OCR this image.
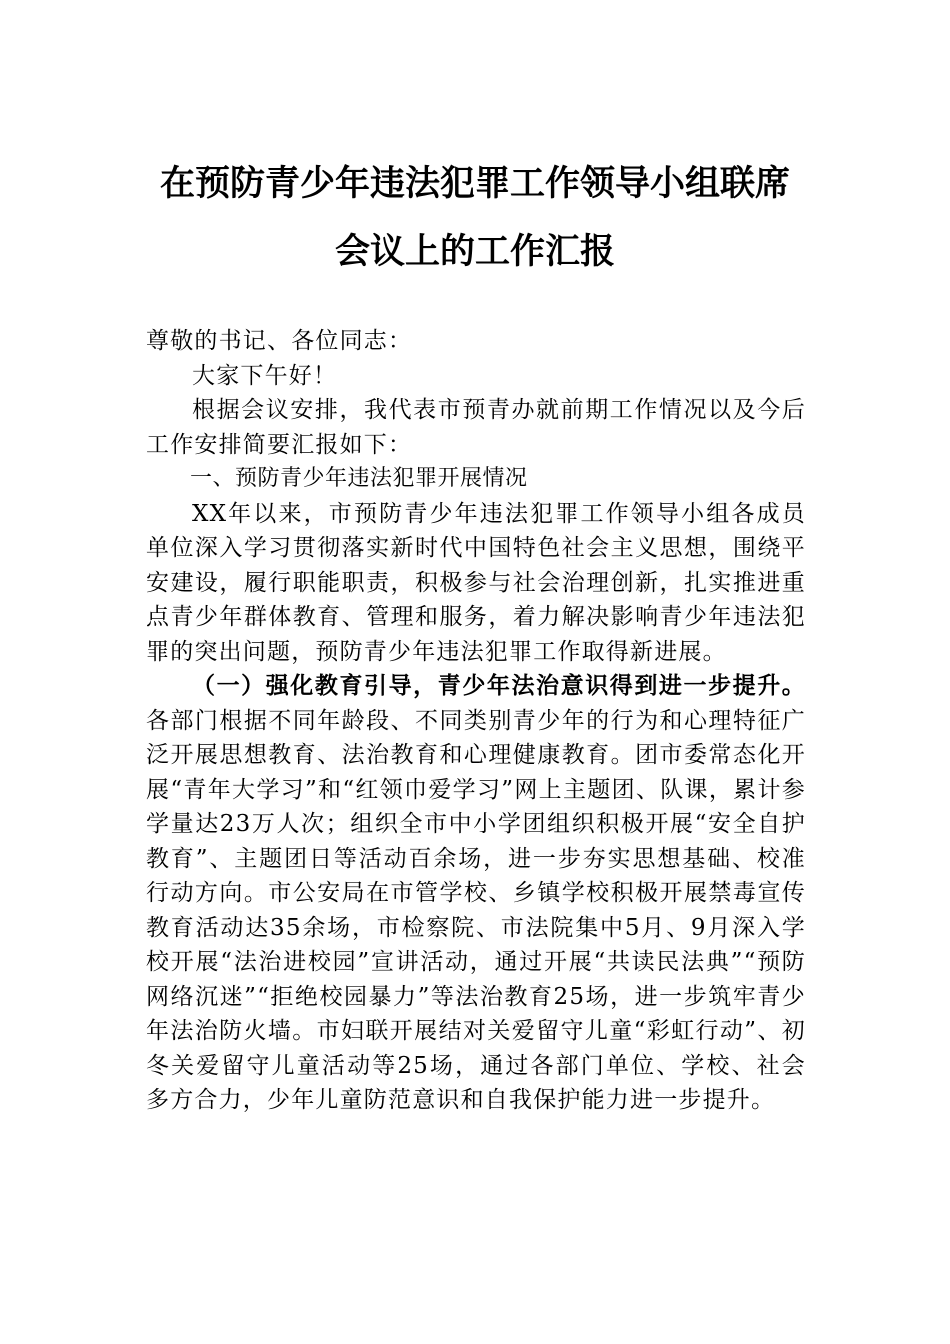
在预防青少年违法犯罪工作领导小组联席
会议上的工作汇报

尊敬的书记、各位同志：

大家下午好！

根据会议安排，我代表市预青办就前期工作情况以及今后工作安排简要汇报如下：

一、预防青少年违法犯罪开展情况

XX年以来，市预防青少年违法犯罪工作领导小组各成员单位深入学习贯彻落实新时代中国特色社会主义思想，围绕平安建设，履行职能职责，积极参与社会治理创新，扎实推进重点青少年群体教育、管理和服务，着力解决影响青少年违法犯罪的突出问题，预防青少年违法犯罪工作取得新进展。

（一）强化教育引导，青少年法治意识得到进一步提升。各部门根据不同年龄段、不同类别青少年的行为和心理特征广泛开展思想教育、法治教育和心理健康教育。团市委常态化开展“青年大学习”和“红领巾爱学习”网上主题团、队课，累计参学量达23万人次；组织全市中小学团组织积极开展“安全自护教育”、主题团日等活动百余场，进一步夯实思想基础、校准行动方向。市公安局在市管学校、乡镇学校积极开展禁毒宣传教育活动达35余场，市检察院、市法院集中5月、9月深入学校开展“法治进校园”宣讲活动，通过开展“共读民法典”“预防网络沉迷”“拒绝校园暴力”等法治教育25场，进一步筑牢青少年法治防火墙。市妇联开展结对关爱留守儿童“彩虹行动”、初冬关爱留守儿童活动等25场，通过各部门单位、学校、社会多方合力，少年儿童防范意识和自我保护能力进一步提升。
